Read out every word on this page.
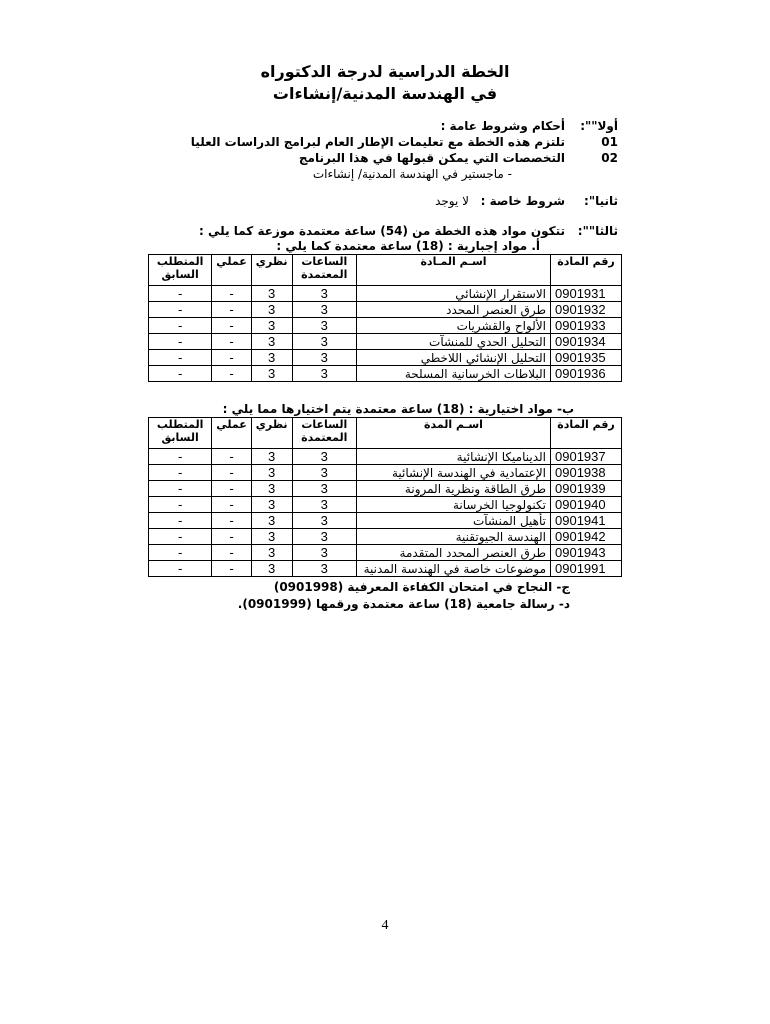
الخطة الدراسية لدرجة الدكتوراه
في الهندسة المدنية/إنشاءات
أولا"":
أحكام وشروط عامة :
01
تلتزم هذه الخطة مع تعليمات الإطار العام لبرامج الدراسات العليا
02
التخصصات التي يمكن قبولها في هذا البرنامج
- ماجستير في الهندسة المدنية/ إنشاءات
ثانيا":
شروط خاصة :
لا يوجد
ثالثا"":
تتكون مواد هذه الخطة من (54) ساعة معتمدة موزعة كما يلي :
أ. مواد إجبارية : (18) ساعة معتمدة كما يلي :
رقم المادة	اسـم المـادة	الساعات المعتمدة	نظري	عملي	المتطلب السابق
0901931	الاستقرار الإنشائي	3	3	-	-
0901932	طرق العنصر المحدد	3	3	-	-
0901933	الألواح والقشريات	3	3	-	-
0901934	التحليل الحدي للمنشآت	3	3	-	-
0901935	التحليل الإنشائي اللاخطي	3	3	-	-
0901936	البلاطات الخرسانية المسلحة	3	3	-	-
ب- مواد اختيارية : (18) ساعة معتمدة يتم اختيارها مما يلي :
رقم المادة	اسـم المدة	الساعات المعتمدة	نظري	عملي	المتطلب السابق
0901937	الديناميكا الإنشائية	3	3	-	-
0901938	الإعتمادية في الهندسة الإنشائية	3	3	-	-
0901939	طرق الطاقة ونظرية المرونة	3	3	-	-
0901940	تكنولوجيا الخرسانة	3	3	-	-
0901941	تأهيل المنشآت	3	3	-	-
0901942	الهندسة الجيوتقنية	3	3	-	-
0901943	طرق العنصر المحدد المتقدمة	3	3	-	-
0901991	موضوعات خاصة في الهندسة المدنية	3	3	-	-
ج- النجاح في امتحان الكفاءة المعرفية (0901998)
د- رسالة جامعية (18) ساعة معتمدة ورقمها (0901999).
4
